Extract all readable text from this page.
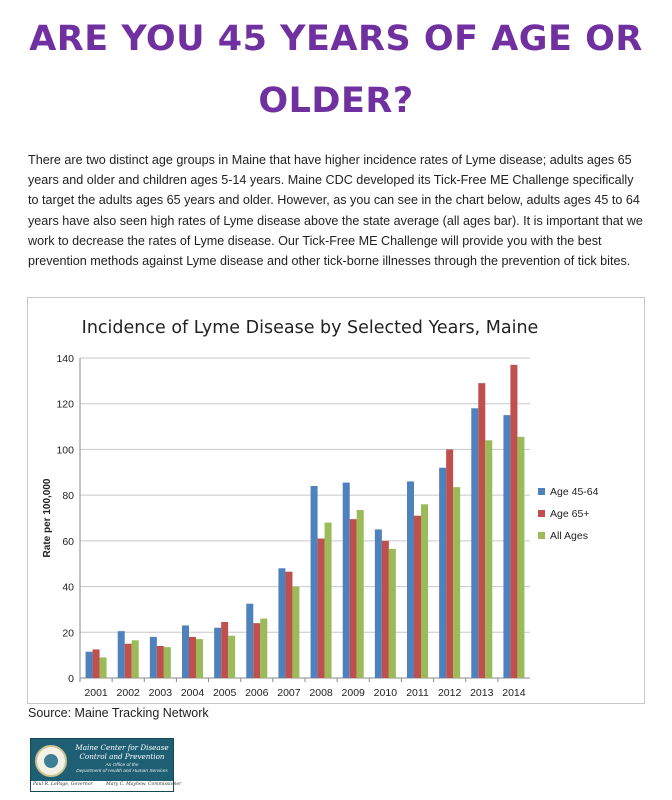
ARE YOU 45 YEARS OF AGE OR
OLDER?
There are two distinct age groups in Maine that have higher incidence rates of Lyme disease; adults ages 65 years and older and children ages 5-14 years. Maine CDC developed its Tick-Free ME Challenge specifically to target the adults ages 65 years and older. However, as you can see in the chart below, adults ages 45 to 64 years have also seen high rates of Lyme disease above the state average (all ages bar). It is important that we work to decrease the rates of Lyme disease. Our Tick-Free ME Challenge will provide you with the best prevention methods against Lyme disease and other tick-borne illnesses through the prevention of tick bites.
Incidence of Lyme Disease by Selected Years, Maine
0
20
40
60
80
100
120
140
Rate per 100,000
2001 2002 2003 2004 2005 2006 2007 2008 2009 2010 2011 2012 2013 2014
Age 45-64
Age 65+
All Ages
Source: Maine Tracking Network
Maine Center for Disease Control and Prevention
An Office of the
Department of Health and Human Services
Paul R. LePage, Governor	Mary C. Mayhew, Commissioner
